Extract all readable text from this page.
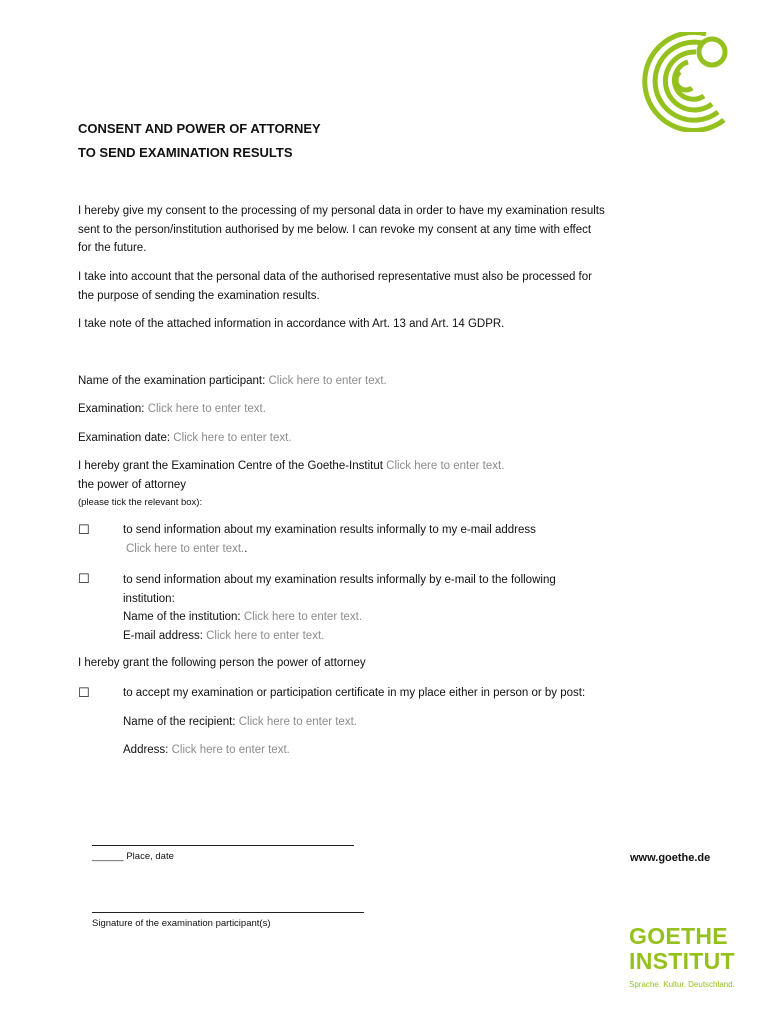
CONSENT AND POWER OF ATTORNEY
TO SEND EXAMINATION RESULTS
I hereby give my consent to the processing of my personal data in order to have my examination results
sent to the person/institution authorised by me below. I can revoke my consent at any time with effect
for the future.
I take into account that the personal data of the authorised representative must also be processed for
the purpose of sending the examination results.
I take note of the attached information in accordance with Art. 13 and Art. 14 GDPR.
Name of the examination participant: Click here to enter text.
Examination: Click here to enter text.
Examination date: Click here to enter text.
I hereby grant the Examination Centre of the Goethe-Institut Click here to enter text.
the power of attorney
(please tick the relevant box):
☐	to send information about my examination results informally to my e-mail address
Click here to enter text..
☐	to send information about my examination results informally by e-mail to the following
institution:
Name of the institution: Click here to enter text.
E-mail address: Click here to enter text.
I hereby grant the following person the power of attorney
☐	to accept my examination or participation certificate in my place either in person or by post:
Name of the recipient: Click here to enter text.
Address: Click here to enter text.
______ Place, date
Signature of the examination participant(s)
www.goethe.de
GOETHE
INSTITUT
Sprache. Kultur. Deutschland.
